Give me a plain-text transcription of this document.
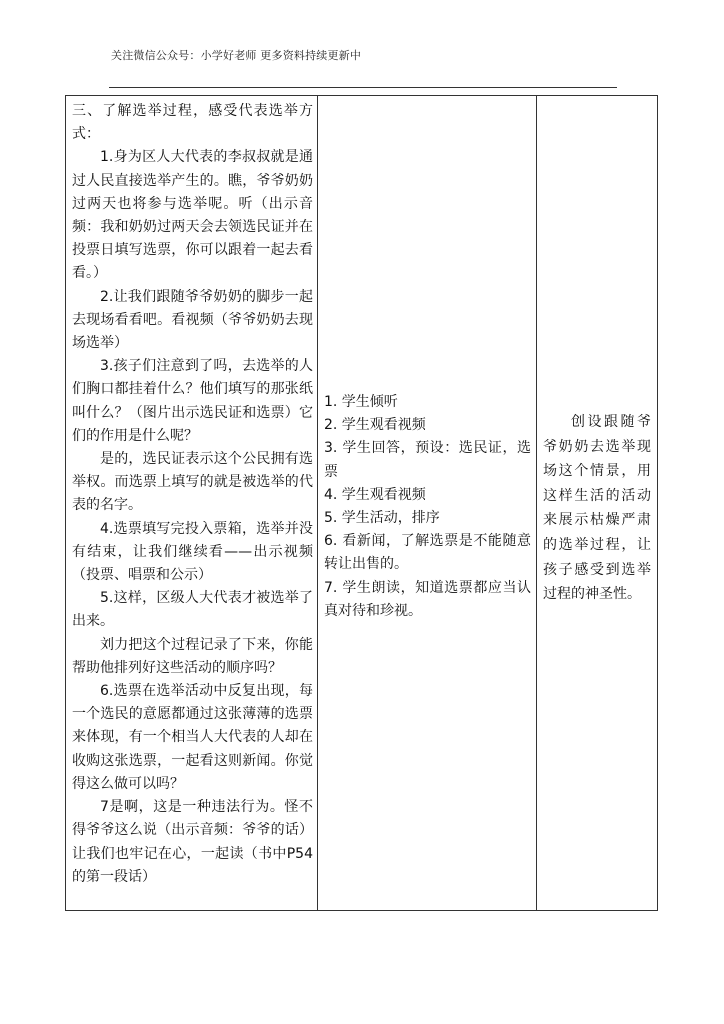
关注微信公众号：小学好老师 更多资料持续更新中

三、了解选举过程，感受代表选举方式：

1.身为区人大代表的李叔叔就是通过人民直接选举产生的。瞧，爷爷奶奶过两天也将参与选举呢。听（出示音频：我和奶奶过两天会去领选民证并在投票日填写选票，你可以跟着一起去看看。）

2.让我们跟随爷爷奶奶的脚步一起去现场看看吧。看视频（爷爷奶奶去现场选举）

3.孩子们注意到了吗，去选举的人们胸口都挂着什么？他们填写的那张纸叫什么？（图片出示选民证和选票）它们的作用是什么呢？

是的，选民证表示这个公民拥有选举权。而选票上填写的就是被选举的代表的名字。

4.选票填写完投入票箱，选举并没有结束，让我们继续看——出示视频（投票、唱票和公示）

5.这样，区级人大代表才被选举了出来。

刘力把这个过程记录了下来，你能帮助他排列好这些活动的顺序吗？

6.选票在选举活动中反复出现，每一个选民的意愿都通过这张薄薄的选票来体现，有一个相当人大代表的人却在收购这张选票，一起看这则新闻。你觉得这么做可以吗？

7是啊，这是一种违法行为。怪不得爷爷这么说（出示音频：爷爷的话）让我们也牢记在心，一起读（书中P54的第一段话）

1. 学生倾听

2. 学生观看视频

3. 学生回答，预设：选民证，选票

4. 学生观看视频

5. 学生活动，排序

6. 看新闻，了解选票是不能随意转让出售的。

7. 学生朗读，知道选票都应当认真对待和珍视。

创设跟随爷爷奶奶去选举现场这个情景，用这样生活的活动来展示枯燥严肃的选举过程，让孩子感受到选举过程的神圣性。
